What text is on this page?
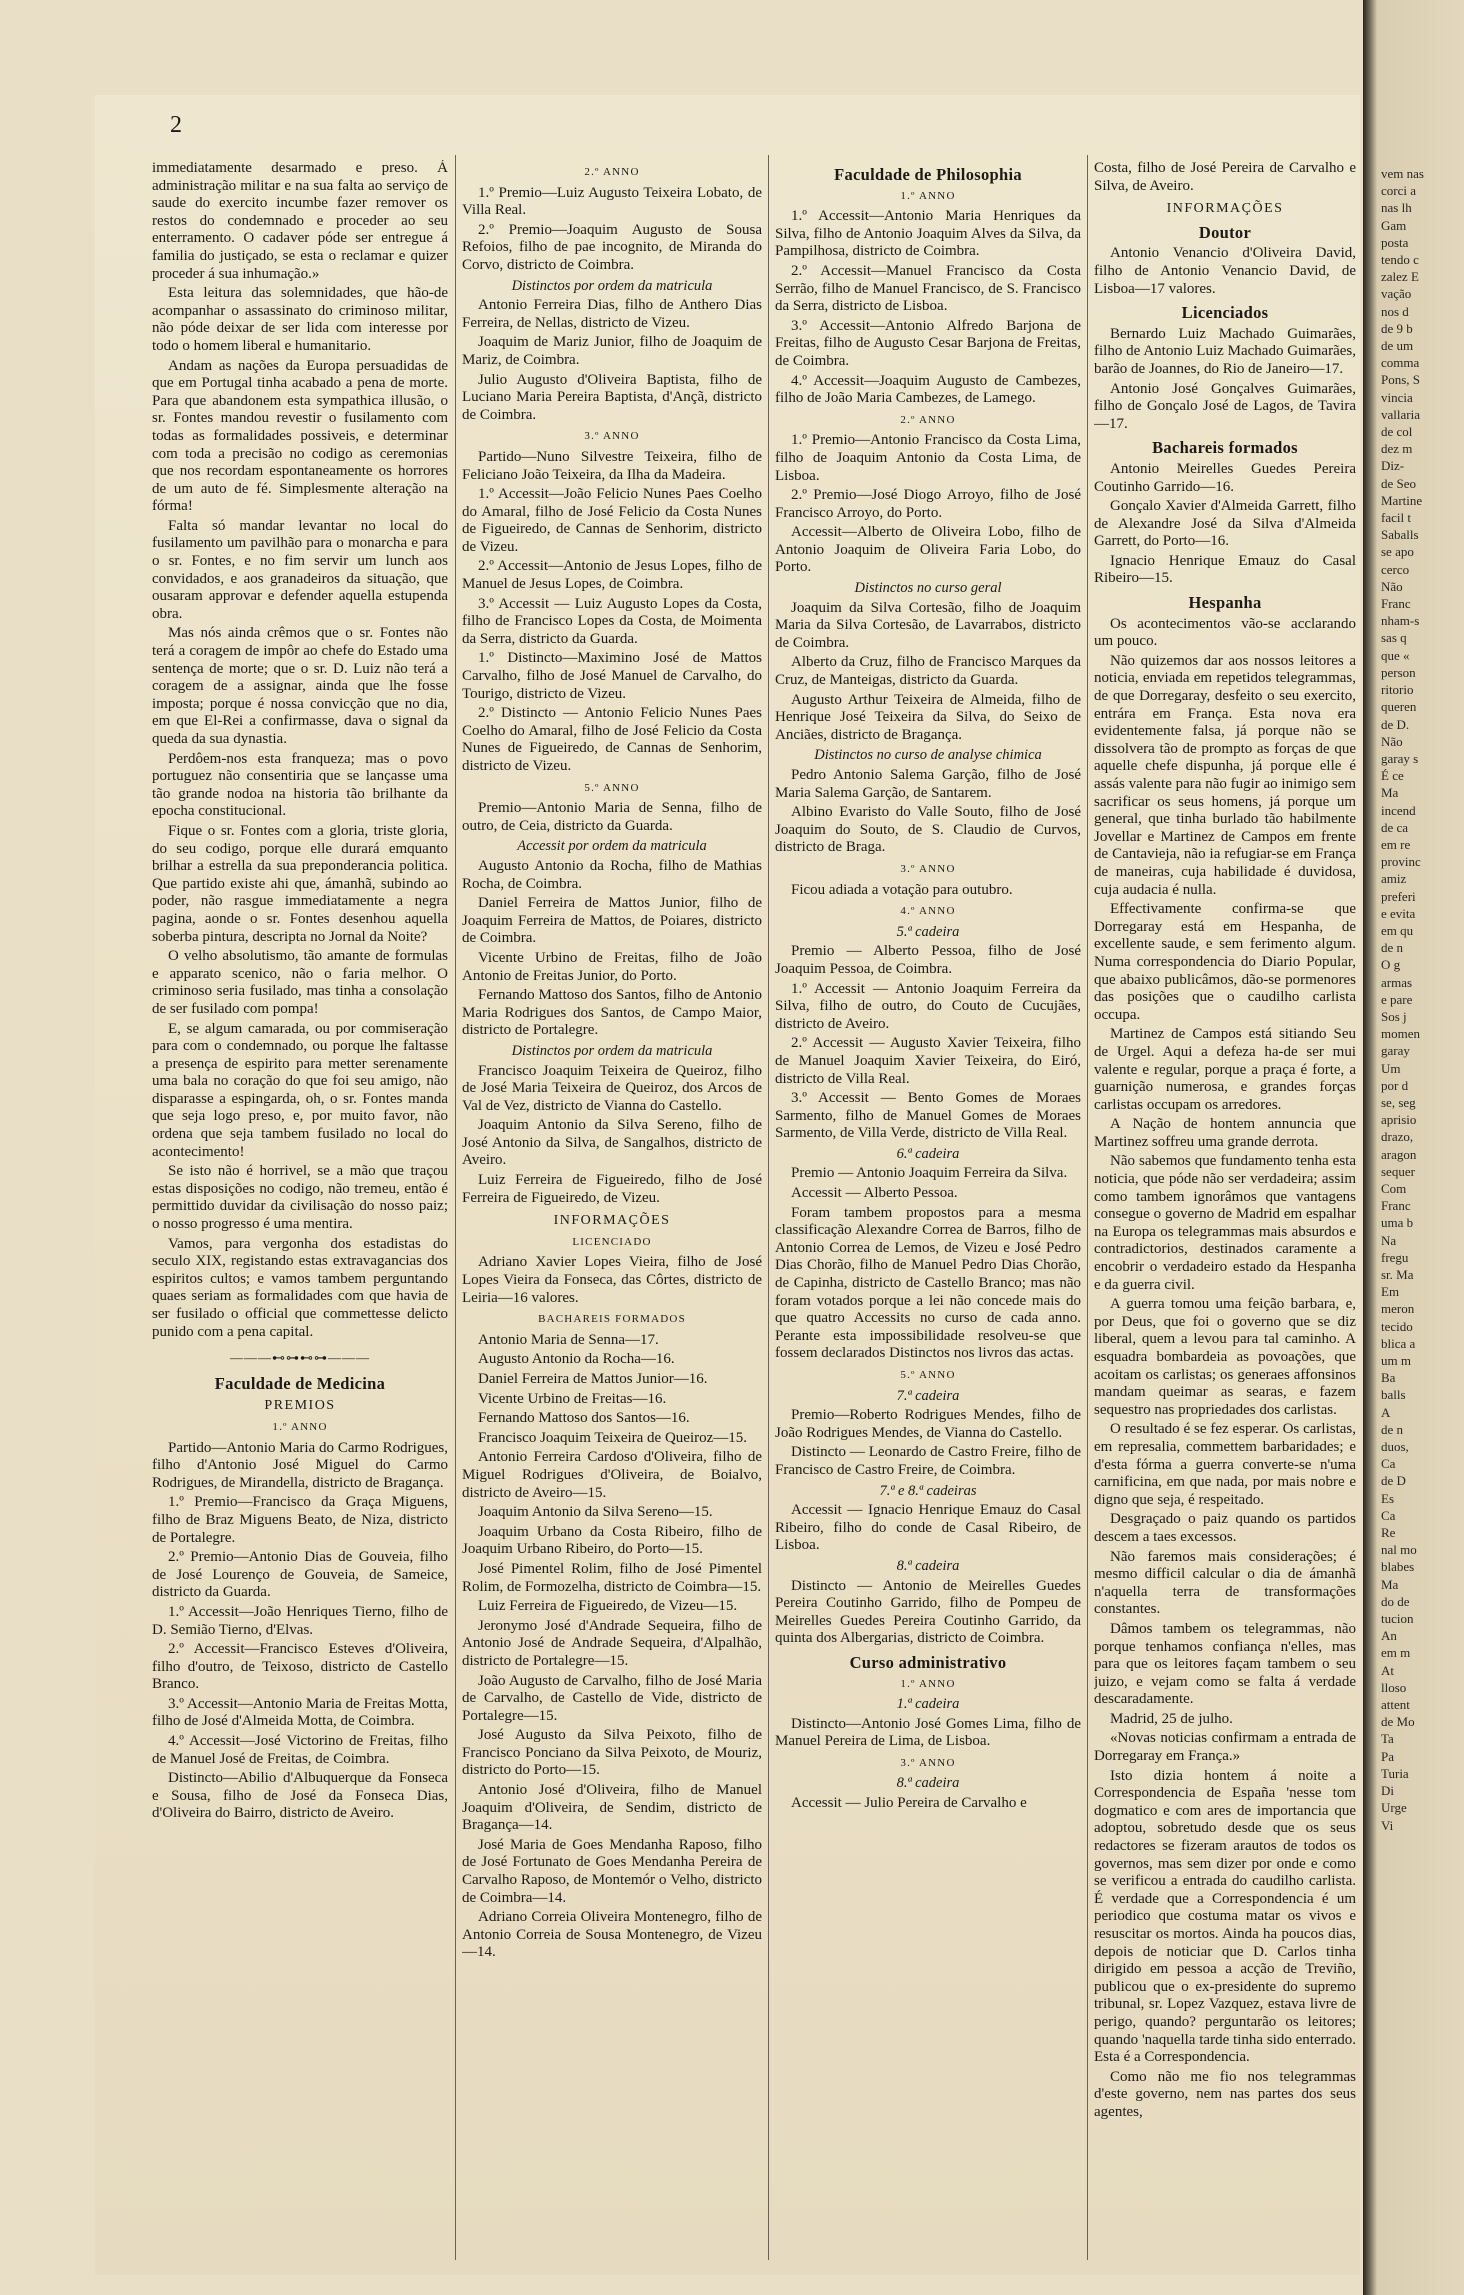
2

immediatamente desarmado e preso. Á administração militar e na sua falta ao serviço de saude do exercito incumbe fazer remover os restos do condemnado e proceder ao seu enterramento. O cadaver póde ser entregue á familia do justiçado, se esta o reclamar e quizer proceder á sua inhumação.»

Esta leitura das solemnidades, que hão-de acompanhar o assassinato do criminoso militar, não póde deixar de ser lida com interesse por todo o homem liberal e humanitario.

Andam as nações da Europa persuadidas de que em Portugal tinha acabado a pena de morte. Para que abandonem esta sympathica illusão, o sr. Fontes mandou revestir o fusilamento com todas as formalidades possiveis, e determinar com toda a precisão no codigo as ceremonias que nos recordam espontaneamente os horrores de um auto de fé. Simplesmente alteração na fórma!

Falta só mandar levantar no local do fusilamento um pavilhão para o monarcha e para o sr. Fontes, e no fim servir um lunch aos convidados, e aos granadeiros da situação, que ousaram approvar e defender aquella estupenda obra.

Mas nós ainda crêmos que o sr. Fontes não terá a coragem de impôr ao chefe do Estado uma sentença de morte; que o sr. D. Luiz não terá a coragem de a assignar, ainda que lhe fosse imposta; porque é nossa convicção que no dia, em que El-Rei a confirmasse, dava o signal da queda da sua dynastia.

Perdôem-nos esta franqueza; mas o povo portuguez não consentiria que se lançasse uma tão grande nodoa na historia tão brilhante da epocha constitucional.

Fique o sr. Fontes com a gloria, triste gloria, do seu codigo, porque elle durará emquanto brilhar a estrella da sua preponderancia politica. Que partido existe ahi que, ámanhã, subindo ao poder, não rasgue immediatamente a negra pagina, aonde o sr. Fontes desenhou aquella soberba pintura, descripta no Jornal da Noite?

O velho absolutismo, tão amante de formulas e apparato scenico, não o faria melhor. O criminoso seria fusilado, mas tinha a consolação de ser fusilado com pompa!

E, se algum camarada, ou por commiseração para com o condemnado, ou porque lhe faltasse a presença de espirito para metter serenamente uma bala no coração do que foi seu amigo, não disparasse a espingarda, oh, o sr. Fontes manda que seja logo preso, e, por muito favor, não ordena que seja tambem fusilado no local do acontecimento!

Se isto não é horrivel, se a mão que traçou estas disposições no codigo, não tremeu, então é permittido duvidar da civilisação do nosso paiz; o nosso progresso é uma mentira.

Vamos, para vergonha dos estadistas do seculo XIX, registando estas extravagancias dos espiritos cultos; e vamos tambem perguntando quaes seriam as formalidades com que havia de ser fusilado o official que commettesse delicto punido com a pena capital.

———⊷⊶⊷⊶———
Faculdade de Medicina
PREMIOS
1.º ANNO

Partido—Antonio Maria do Carmo Rodrigues, filho d'Antonio José Miguel do Carmo Rodrigues, de Mirandella, districto de Bragança.

1.º Premio—Francisco da Graça Miguens, filho de Braz Miguens Beato, de Niza, districto de Portalegre.

2.º Premio—Antonio Dias de Gouveia, filho de José Lourenço de Gouveia, de Sameice, districto da Guarda.

1.º Accessit—João Henriques Tierno, filho de D. Semião Tierno, d'Elvas.

2.º Accessit—Francisco Esteves d'Oliveira, filho d'outro, de Teixoso, districto de Castello Branco.

3.º Accessit—Antonio Maria de Freitas Motta, filho de José d'Almeida Motta, de Coimbra.

4.º Accessit—José Victorino de Freitas, filho de Manuel José de Freitas, de Coimbra.

Distincto—Abilio d'Albuquerque da Fonseca e Sousa, filho de José da Fonseca Dias, d'Oliveira do Bairro, districto de Aveiro.

2.º ANNO

1.º Premio—Luiz Augusto Teixeira Lobato, de Villa Real.

2.º Premio—Joaquim Augusto de Sousa Refoios, filho de pae incognito, de Miranda do Corvo, districto de Coimbra.

Distinctos por ordem da matricula

Antonio Ferreira Dias, filho de Anthero Dias Ferreira, de Nellas, districto de Vizeu.

Joaquim de Mariz Junior, filho de Joaquim de Mariz, de Coimbra.

Julio Augusto d'Oliveira Baptista, filho de Luciano Maria Pereira Baptista, d'Ançã, districto de Coimbra.

3.º ANNO

Partido—Nuno Silvestre Teixeira, filho de Feliciano João Teixeira, da Ilha da Madeira.

1.º Accessit—João Felicio Nunes Paes Coelho do Amaral, filho de José Felicio da Costa Nunes de Figueiredo, de Cannas de Senhorim, districto de Vizeu.

2.º Accessit—Antonio de Jesus Lopes, filho de Manuel de Jesus Lopes, de Coimbra.

3.º Accessit — Luiz Augusto Lopes da Costa, filho de Francisco Lopes da Costa, de Moimenta da Serra, districto da Guarda.

1.º Distincto—Maximino José de Mattos Carvalho, filho de José Manuel de Carvalho, do Tourigo, districto de Vizeu.

2.º Distincto — Antonio Felicio Nunes Paes Coelho do Amaral, filho de José Felicio da Costa Nunes de Figueiredo, de Cannas de Senhorim, districto de Vizeu.

5.º ANNO

Premio—Antonio Maria de Senna, filho de outro, de Ceia, districto da Guarda.

Accessit por ordem da matricula

Augusto Antonio da Rocha, filho de Mathias Rocha, de Coimbra.

Daniel Ferreira de Mattos Junior, filho de Joaquim Ferreira de Mattos, de Poiares, districto de Coimbra.

Vicente Urbino de Freitas, filho de João Antonio de Freitas Junior, do Porto.

Fernando Mattoso dos Santos, filho de Antonio Maria Rodrigues dos Santos, de Campo Maior, districto de Portalegre.

Distinctos por ordem da matricula

Francisco Joaquim Teixeira de Queiroz, filho de José Maria Teixeira de Queiroz, dos Arcos de Val de Vez, districto de Vianna do Castello.

Joaquim Antonio da Silva Sereno, filho de José Antonio da Silva, de Sangalhos, districto de Aveiro.

Luiz Ferreira de Figueiredo, filho de José Ferreira de Figueiredo, de Vizeu.

INFORMAÇÕES
LICENCIADO

Adriano Xavier Lopes Vieira, filho de José Lopes Vieira da Fonseca, das Côrtes, districto de Leiria—16 valores.

BACHAREIS FORMADOS

Antonio Maria de Senna—17.

Augusto Antonio da Rocha—16.

Daniel Ferreira de Mattos Junior—16.

Vicente Urbino de Freitas—16.

Fernando Mattoso dos Santos—16.

Francisco Joaquim Teixeira de Queiroz—15.

Antonio Ferreira Cardoso d'Oliveira, filho de Miguel Rodrigues d'Oliveira, de Boialvo, districto de Aveiro—15.

Joaquim Antonio da Silva Sereno—15.

Joaquim Urbano da Costa Ribeiro, filho de Joaquim Urbano Ribeiro, do Porto—15.

José Pimentel Rolim, filho de José Pimentel Rolim, de Formozelha, districto de Coimbra—15.

Luiz Ferreira de Figueiredo, de Vizeu—15.

Jeronymo José d'Andrade Sequeira, filho de Antonio José de Andrade Sequeira, d'Alpalhão, districto de Portalegre—15.

João Augusto de Carvalho, filho de José Maria de Carvalho, de Castello de Vide, districto de Portalegre—15.

José Augusto da Silva Peixoto, filho de Francisco Ponciano da Silva Peixoto, de Mouriz, districto do Porto—15.

Antonio José d'Oliveira, filho de Manuel Joaquim d'Oliveira, de Sendim, districto de Bragança—14.

José Maria de Goes Mendanha Raposo, filho de José Fortunato de Goes Mendanha Pereira de Carvalho Raposo, de Montemór o Velho, districto de Coimbra—14.

Adriano Correia Oliveira Montenegro, filho de Antonio Correia de Sousa Montenegro, de Vizeu—14.

Faculdade de Philosophia
1.º ANNO

1.º Accessit—Antonio Maria Henriques da Silva, filho de Antonio Joaquim Alves da Silva, da Pampilhosa, districto de Coimbra.

2.º Accessit—Manuel Francisco da Costa Serrão, filho de Manuel Francisco, de S. Francisco da Serra, districto de Lisboa.

3.º Accessit—Antonio Alfredo Barjona de Freitas, filho de Augusto Cesar Barjona de Freitas, de Coimbra.

4.º Accessit—Joaquim Augusto de Cambezes, filho de João Maria Cambezes, de Lamego.

2.º ANNO

1.º Premio—Antonio Francisco da Costa Lima, filho de Joaquim Antonio da Costa Lima, de Lisboa.

2.º Premio—José Diogo Arroyo, filho de José Francisco Arroyo, do Porto.

Accessit—Alberto de Oliveira Lobo, filho de Antonio Joaquim de Oliveira Faria Lobo, do Porto.

Distinctos no curso geral

Joaquim da Silva Cortesão, filho de Joaquim Maria da Silva Cortesão, de Lavarrabos, districto de Coimbra.

Alberto da Cruz, filho de Francisco Marques da Cruz, de Manteigas, districto da Guarda.

Augusto Arthur Teixeira de Almeida, filho de Henrique José Teixeira da Silva, do Seixo de Anciães, districto de Bragança.

Distinctos no curso de analyse chimica

Pedro Antonio Salema Garção, filho de José Maria Salema Garção, de Santarem.

Albino Evaristo do Valle Souto, filho de José Joaquim do Souto, de S. Claudio de Curvos, districto de Braga.

3.º ANNO

Ficou adiada a votação para outubro.

4.º ANNO
5.ª cadeira

Premio — Alberto Pessoa, filho de José Joaquim Pessoa, de Coimbra.

1.º Accessit — Antonio Joaquim Ferreira da Silva, filho de outro, do Couto de Cucujães, districto de Aveiro.

2.º Accessit — Augusto Xavier Teixeira, filho de Manuel Joaquim Xavier Teixeira, do Eiró, districto de Villa Real.

3.º Accessit — Bento Gomes de Moraes Sarmento, filho de Manuel Gomes de Moraes Sarmento, de Villa Verde, districto de Villa Real.

6.ª cadeira

Premio — Antonio Joaquim Ferreira da Silva.

Accessit — Alberto Pessoa.

Foram tambem propostos para a mesma classificação Alexandre Correa de Barros, filho de Antonio Correa de Lemos, de Vizeu e José Pedro Dias Chorão, filho de Manuel Pedro Dias Chorão, de Capinha, districto de Castello Branco; mas não foram votados porque a lei não concede mais do que quatro Accessits no curso de cada anno. Perante esta impossibilidade resolveu-se que fossem declarados Distinctos nos livros das actas.

5.º ANNO
7.ª cadeira

Premio—Roberto Rodrigues Mendes, filho de João Rodrigues Mendes, de Vianna do Castello.

Distincto — Leonardo de Castro Freire, filho de Francisco de Castro Freire, de Coimbra.

7.ª e 8.ª cadeiras

Accessit — Ignacio Henrique Emauz do Casal Ribeiro, filho do conde de Casal Ribeiro, de Lisboa.

8.ª cadeira

Distincto — Antonio de Meirelles Guedes Pereira Coutinho Garrido, filho de Pompeu de Meirelles Guedes Pereira Coutinho Garrido, da quinta dos Albergarias, districto de Coimbra.

Curso administrativo
1.º ANNO
1.ª cadeira

Distincto—Antonio José Gomes Lima, filho de Manuel Pereira de Lima, de Lisboa.

3.º ANNO
8.ª cadeira

Accessit — Julio Pereira de Carvalho e

Costa, filho de José Pereira de Carvalho e Silva, de Aveiro.

INFORMAÇÕES
Doutor

Antonio Venancio d'Oliveira David, filho de Antonio Venancio David, de Lisboa—17 valores.

Licenciados

Bernardo Luiz Machado Guimarães, filho de Antonio Luiz Machado Guimarães, barão de Joannes, do Rio de Janeiro—17.

Antonio José Gonçalves Guimarães, filho de Gonçalo José de Lagos, de Tavira—17.

Bachareis formados

Antonio Meirelles Guedes Pereira Coutinho Garrido—16.

Gonçalo Xavier d'Almeida Garrett, filho de Alexandre José da Silva d'Almeida Garrett, do Porto—16.

Ignacio Henrique Emauz do Casal Ribeiro—15.

Hespanha

Os acontecimentos vão-se acclarando um pouco.

Não quizemos dar aos nossos leitores a noticia, enviada em repetidos telegrammas, de que Dorregaray, desfeito o seu exercito, entrára em França. Esta nova era evidentemente falsa, já porque não se dissolvera tão de prompto as forças de que aquelle chefe dispunha, já porque elle é assás valente para não fugir ao inimigo sem sacrificar os seus homens, já porque um general, que tinha burlado tão habilmente Jovellar e Martinez de Campos em frente de Cantavieja, não ia refugiar-se em França de maneiras, cuja habilidade é duvidosa, cuja audacia é nulla.

Effectivamente confirma-se que Dorregaray está em Hespanha, de excellente saude, e sem ferimento algum. Numa correspondencia do Diario Popular, que abaixo publicâmos, dão-se pormenores das posições que o caudilho carlista occupa.

Martinez de Campos está sitiando Seu de Urgel. Aqui a defeza ha-de ser mui valente e regular, porque a praça é forte, a guarnição numerosa, e grandes forças carlistas occupam os arredores.

A Nação de hontem annuncia que Martinez soffreu uma grande derrota.

Não sabemos que fundamento tenha esta noticia, que póde não ser verdadeira; assim como tambem ignorâmos que vantagens consegue o governo de Madrid em espalhar na Europa os telegrammas mais absurdos e contradictorios, destinados caramente a encobrir o verdadeiro estado da Hespanha e da guerra civil.

A guerra tomou uma feição barbara, e, por Deus, que foi o governo que se diz liberal, quem a levou para tal caminho. A esquadra bombardeia as povoações, que acoitam os carlistas; os generaes affonsinos mandam queimar as searas, e fazem sequestro nas propriedades dos carlistas.

O resultado é se fez esperar. Os carlistas, em represalia, commettem barbaridades; e d'esta fórma a guerra converte-se n'uma carnificina, em que nada, por mais nobre e digno que seja, é respeitado.

Desgraçado o paiz quando os partidos descem a taes excessos.

Não faremos mais considerações; é mesmo difficil calcular o dia de ámanhã n'aquella terra de transformações constantes.

Dâmos tambem os telegrammas, não porque tenhamos confiança n'elles, mas para que os leitores façam tambem o seu juizo, e vejam como se falta á verdade descaradamente.

Madrid, 25 de julho.

«Novas noticias confirmam a entrada de Dorregaray em França.»

Isto dizia hontem á noite a Correspondencia de España 'nesse tom dogmatico e com ares de importancia que adoptou, sobretudo desde que os seus redactores se fizeram arautos de todos os governos, mas sem dizer por onde e como se verificou a entrada do caudilho carlista. É verdade que a Correspondencia é um periodico que costuma matar os vivos e resuscitar os mortos. Ainda ha poucos dias, depois de noticiar que D. Carlos tinha dirigido em pessoa a acção de Treviño, publicou que o ex-presidente do supremo tribunal, sr. Lopez Vazquez, estava livre de perigo, quando? perguntarão os leitores; quando 'naquella tarde tinha sido enterrado. Esta é a Correspondencia.

Como não me fio nos telegrammas d'este governo, nem nas partes dos seus agentes,

vem nas
corci a
nas lh
Gam
posta
tendo c
zalez E
vação
nos d
de 9 b
de um
comma
Pons, S
vincia
vallaria
de col
dez m
Diz-
de Seo
Martine
facil t
Saballs
se apo
cerco
Não
Franc
nham-s
sas q
que «
person
ritorio
queren
de D.
Não
garay s
É ce
Ma
incend
de ca
em re
provinc
amiz
preferi
e evita
em qu
de n
O g
armas
e pare
Sos j
momen
garay
Um
por d
se, seg
aprisio
drazo,
aragon
sequer
Com
Franc
uma b
Na
fregu
sr. Ma
Em
meron
tecido
blica a
um m
Ba
balls
A
de n
duos,
Ca
de D
Es
Ca
Re
nal mo
blabes
Ma
do de
tucion
An
em m
At
lloso
attent
de Mo
Ta
Pa
Turia
Di
Urge
Vi
